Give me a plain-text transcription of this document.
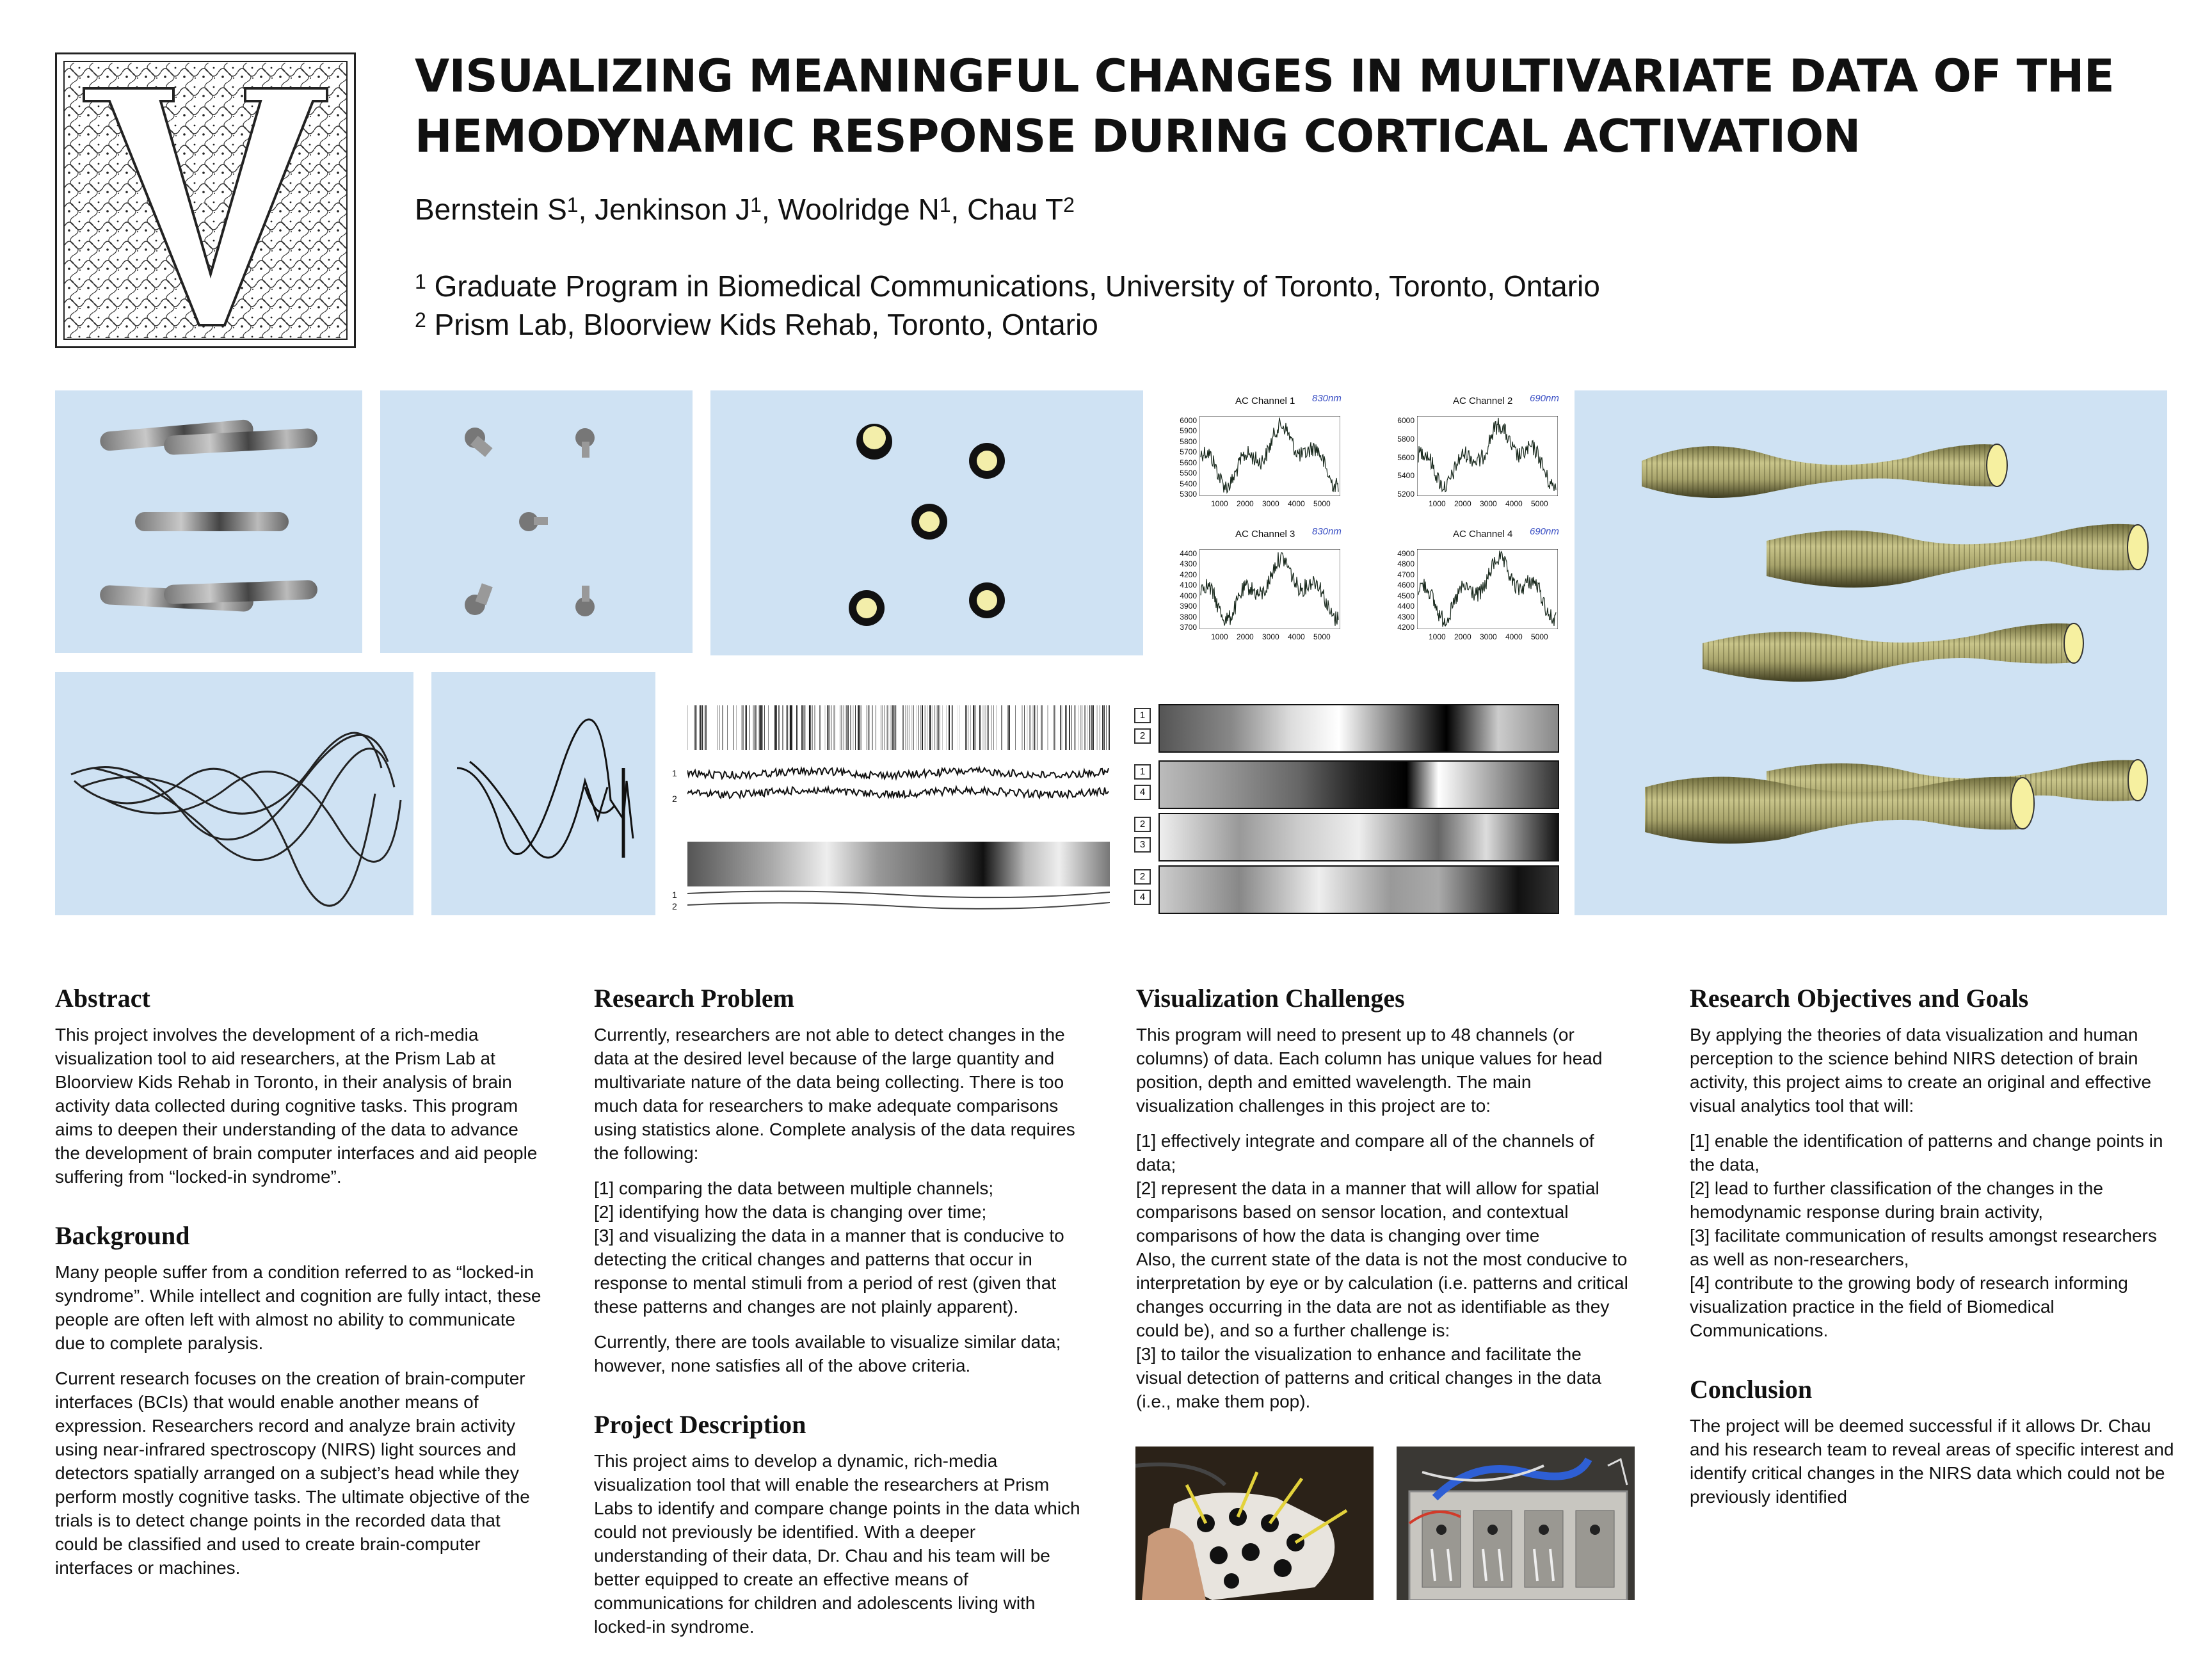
V
VISUALIZING MEANINGFUL CHANGES IN MULTIVARIATE DATA OF THE
HEMODYNAMIC RESPONSE DURING CORTICAL ACTIVATION
Bernstein $S^1$, Jenkinson $J^1$, Woolridge $N^1$, Chau $T^2$
$^1$ Graduate Program in Biomedical Communications, University of Toronto, Toronto, Ontario
$^2$ Prism Lab, Bloorview Kids Rehab, Toronto, Ontario
AC Channel 1 830nm
6000
5900
5800
5700
5600
5500
5400
5300
1000 2000 3000 4000 5000
AC Channel 2 690nm
6000
5800
5600
5400
5200
1000 2000 3000 4000 5000
AC Channel 3 830nm
4400
4300
4200
4100
4000
3900
3800
3700
1000 2000 3000 4000 5000
AC Channel 4 690nm
4900
4800
4700
4600
4500
4400
4300
4200
1000 2000 3000 4000 5000
1
2
1
2
1
2
1
4
2
3
2
4
Abstract

This project involves the development of a rich-media visualization tool to aid researchers, at the Prism Lab at Bloorview Kids Rehab in Toronto, in their analysis of brain activity data collected during cognitive tasks. This program aims to deepen their understanding of the data to advance the development of brain computer interfaces and aid people suffering from “locked-in syndrome”.

Background

Many people suffer from a condition referred to as “locked-in syndrome”. While intellect and cognition are fully intact, these people are often left with almost no ability to communicate due to complete paralysis.

Current research focuses on the creation of brain-computer interfaces (BCIs) that would enable another means of expression. Researchers record and analyze brain activity using near-infrared spectroscopy (NIRS) light sources and detectors spatially arranged on a subject’s head while they perform mostly cognitive tasks. The ultimate objective of the trials is to detect change points in the recorded data that could be classified and used to create brain-computer interfaces or machines.

Research Problem

Currently, researchers are not able to detect changes in the data at the desired level because of the large quantity and multivariate nature of the data being collecting. There is too much data for researchers to make adequate comparisons using statistics alone. Complete analysis of the data requires the following:

[1] comparing the data between multiple channels;

[2] identifying how the data is changing over time;

[3] and visualizing the data in a manner that is conducive to detecting the critical changes and patterns that occur in response to mental stimuli from a period of rest (given that these patterns and changes are not plainly apparent).

Currently, there are tools available to visualize similar data; however, none satisfies all of the above criteria.

Project Description

This project aims to develop a dynamic, rich-media visualization tool that will enable the researchers at Prism Labs to identify and compare change points in the data which could not previously be identified. With a deeper understanding of their data, Dr. Chau and his team will be better equipped to create an effective means of communications for children and adolescents living with locked-in syndrome.

Visualization Challenges

This program will need to present up to 48 channels (or columns) of data. Each column has unique values for head position, depth and emitted wavelength. The main visualization challenges in this project are to:

[1] effectively integrate and compare all of the channels of data;

[2] represent the data in a manner that will allow for spatial comparisons based on sensor location, and contextual comparisons of how the data is changing over time

Also, the current state of the data is not the most conducive to interpretation by eye or by calculation (i.e. patterns and critical changes occurring in the data are not as identifiable as they could be), and so a further challenge is:

[3] to tailor the visualization to enhance and facilitate the visual detection of patterns and critical changes in the data (i.e., make them pop).

Research Objectives and Goals

By applying the theories of data visualization and human perception to the science behind NIRS detection of brain activity, this project aims to create an original and effective visual analytics tool that will:

[1] enable the identification of patterns and change points in the data,

[2] lead to further classification of the changes in the hemodynamic response during brain activity,

[3] facilitate communication of results amongst researchers as well as non-researchers,

[4] contribute to the growing body of research informing visualization practice in the field of Biomedical Communications.

Conclusion

The project will be deemed successful if it allows Dr. Chau and his research team to reveal areas of specific interest and identify critical changes in the NIRS data which could not be previously identified
